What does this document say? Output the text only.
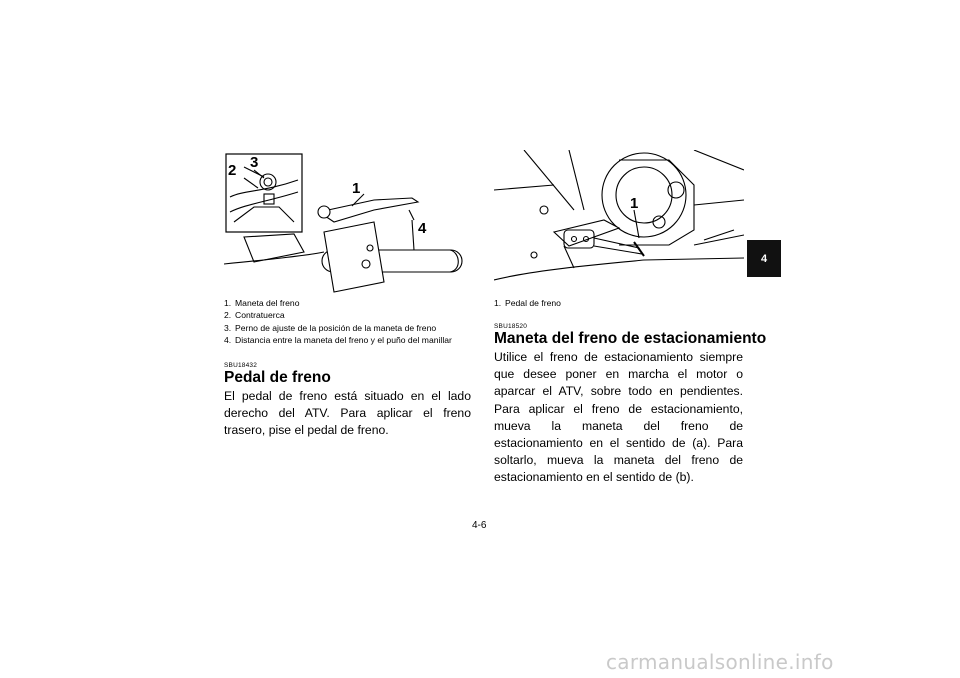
1
2 3
4
1. Maneta del freno
2. Contratuerca
3. Perno de ajuste de la posición de la maneta de freno
4. Distancia entre la maneta del freno y el puño del manillar
SBU18432
Pedal de freno

El pedal de freno está situado en el lado derecho del ATV. Para aplicar el freno trasero, pise el pedal de freno.

1
1. Pedal de freno
SBU18520
Maneta del freno de estacionamiento

Utilice el freno de estacionamiento siempre que desee poner en marcha el motor o aparcar el ATV, sobre todo en pendientes. Para aplicar el freno de estacionamiento, mueva la maneta del freno de estacionamiento en el sentido de (a). Para soltarlo, mueva la maneta del freno de estacionamiento en el sentido de (b).

4
4-6
carmanualsonline.info
